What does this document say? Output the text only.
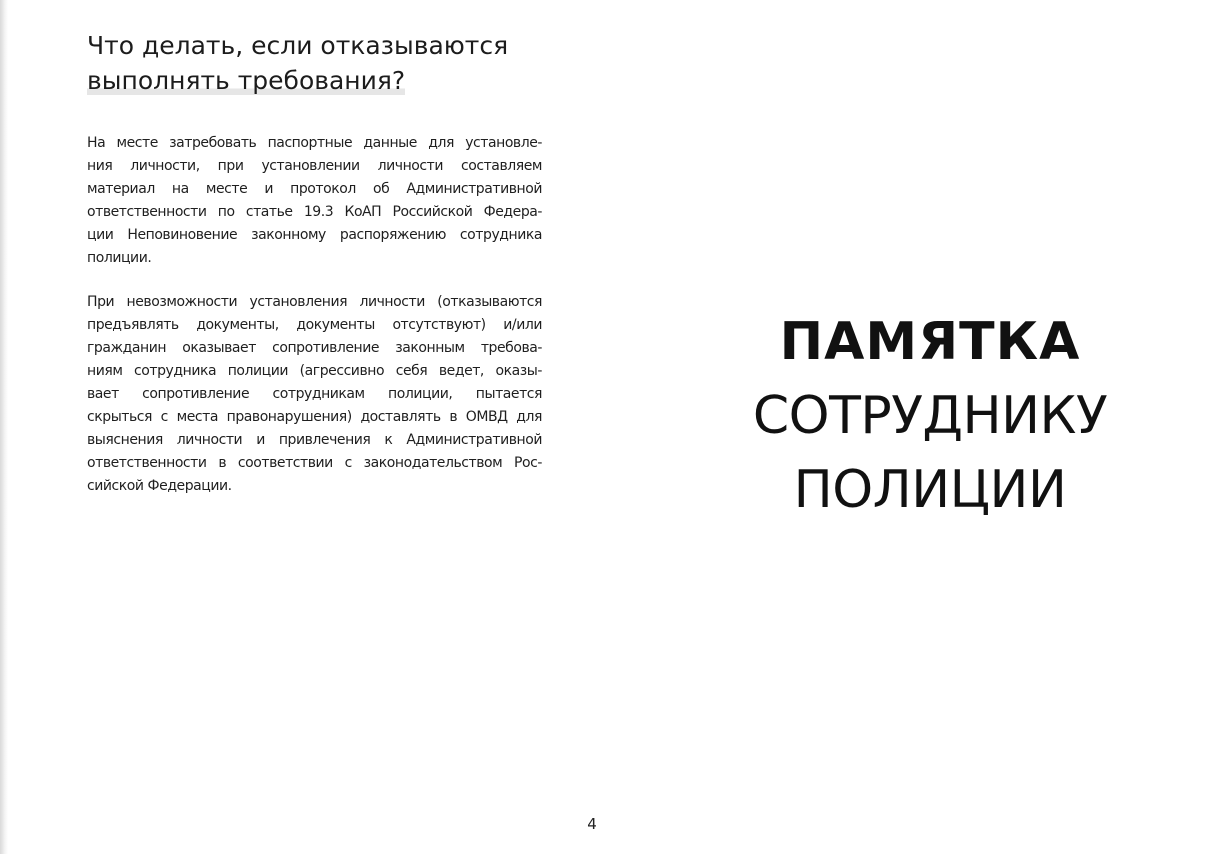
Что делать, если отказываются
выполнять требования?
На месте затребовать паспортные данные для установле-
ния личности, при установлении личности составляем
материал на месте и протокол об Административной
ответственности по статье 19.3 КоАП Российской Федера-
ции Неповиновение законному распоряжению сотрудника
полиции.
При невозможности установления личности (отказываются
предъявлять документы, документы отсутствуют) и/или
гражданин оказывает сопротивление законным требова-
ниям сотрудника полиции (агрессивно себя ведет, оказы-
вает сопротивление сотрудникам полиции, пытается
скрыться с места правонарушения) доставлять в ОМВД для
выяснения личности и привлечения к Административной
ответственности в соответствии с законодательством Рос-
сийской Федерации.
ПАМЯТКА
СОТРУДНИКУ
ПОЛИЦИИ
4
